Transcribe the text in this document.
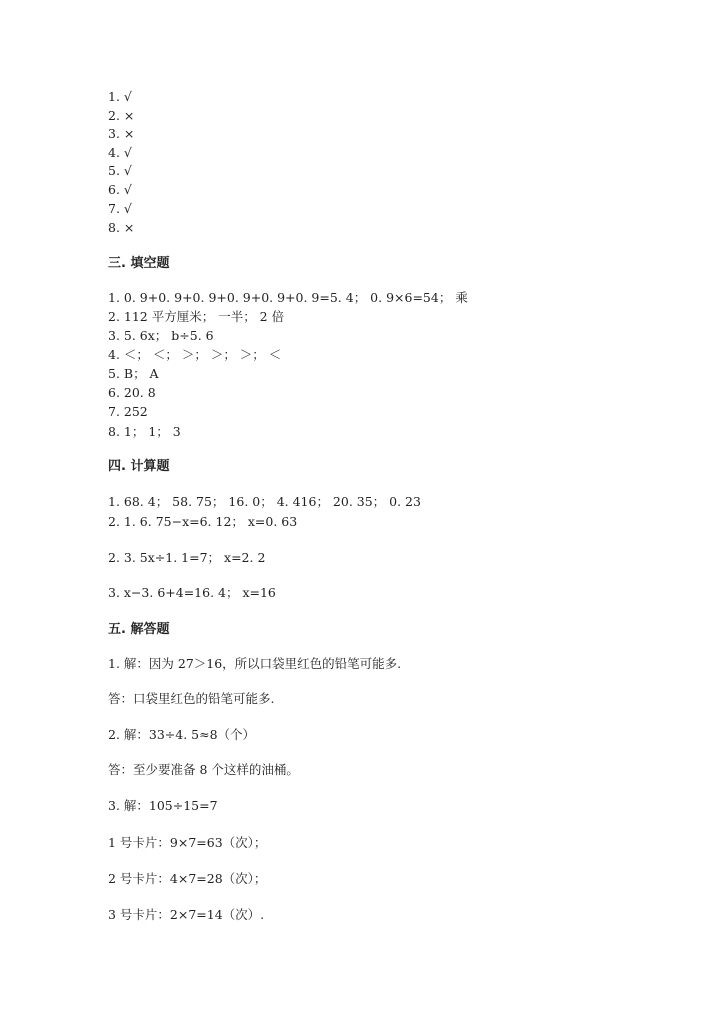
1. √
2. ×
3. ×
4. √
5. √
6. √
7. √
8. ×
三. 填空题
1. 0. 9+0. 9+0. 9+0. 9+0. 9+0. 9=5. 4； 0. 9×6=54； 乘
2. 112 平方厘米； 一半； 2 倍
3. 5. 6x； b÷5. 6
4. ＜； ＜； ＞； ＞； ＞； ＜
5. B； A
6. 20. 8
7. 252
8. 1； 1； 3
四. 计算题
1. 68. 4； 58. 75； 16. 0； 4. 416； 20. 35； 0. 23
2. 1. 6. 75−x=6. 12； x=0. 63
2. 3. 5x÷1. 1=7； x=2. 2
3. x−3. 6+4=16. 4； x=16
五. 解答题
1. 解：因为 27＞16，所以口袋里红色的铅笔可能多.
答：口袋里红色的铅笔可能多.
2. 解：33÷4. 5≈8（个）
答：至少要准备 8 个这样的油桶。
3. 解：105÷15=7
1 号卡片：9×7=63（次）；
2 号卡片：4×7=28（次）；
3 号卡片：2×7=14（次）.
